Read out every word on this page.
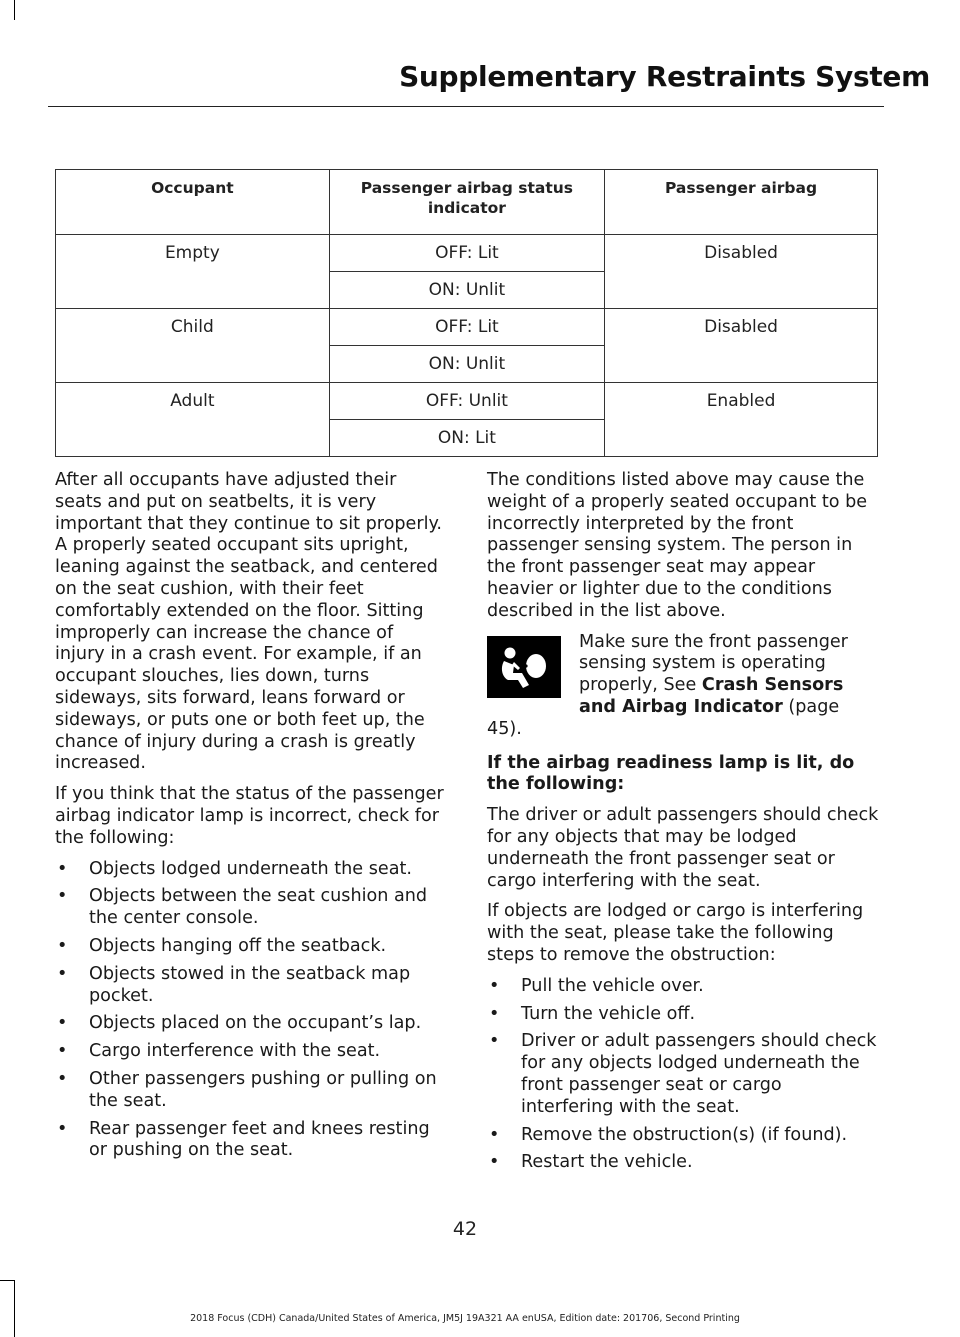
Supplementary Restraints System
Occupant	Passenger airbag status indicator	Passenger airbag
Empty	OFF: Lit	Disabled
	ON: Unlit	
Child	OFF: Lit	Disabled
	ON: Unlit	
Adult	OFF: Unlit	Enabled
	ON: Lit	

After all occupants have adjusted their seats and put on seatbelts, it is very important that they continue to sit properly. A properly seated occupant sits upright, leaning against the seatback, and centered on the seat cushion, with their feet comfortably extended on the floor. Sitting improperly can increase the chance of injury in a crash event. For example, if an occupant slouches, lies down, turns sideways, sits forward, leans forward or sideways, or puts one or both feet up, the chance of injury during a crash is greatly increased.

If you think that the status of the passenger airbag indicator lamp is incorrect, check for the following:

• Objects lodged underneath the seat.
• Objects between the seat cushion and the center console.
• Objects hanging off the seatback.
• Objects stowed in the seatback map pocket.
• Objects placed on the occupant’s lap.
• Cargo interference with the seat.
• Other passengers pushing or pulling on the seat.
• Rear passenger feet and knees resting or pushing on the seat.

The conditions listed above may cause the weight of a properly seated occupant to be incorrectly interpreted by the front passenger sensing system. The person in the front passenger seat may appear heavier or lighter due to the conditions described in the list above.

Make sure the front passenger sensing system is operating properly, See Crash Sensors and Airbag Indicator (page 45).
If the airbag readiness lamp is lit, do the following:

The driver or adult passengers should check for any objects that may be lodged underneath the front passenger seat or cargo interfering with the seat.

If objects are lodged or cargo is interfering with the seat, please take the following steps to remove the obstruction:

• Pull the vehicle over.
• Turn the vehicle off.
• Driver or adult passengers should check for any objects lodged underneath the front passenger seat or cargo interfering with the seat.
• Remove the obstruction(s) (if found).
• Restart the vehicle.
42
2018 Focus (CDH) Canada/United States of America, JM5J 19A321 AA enUSA, Edition date: 201706, Second Printing
